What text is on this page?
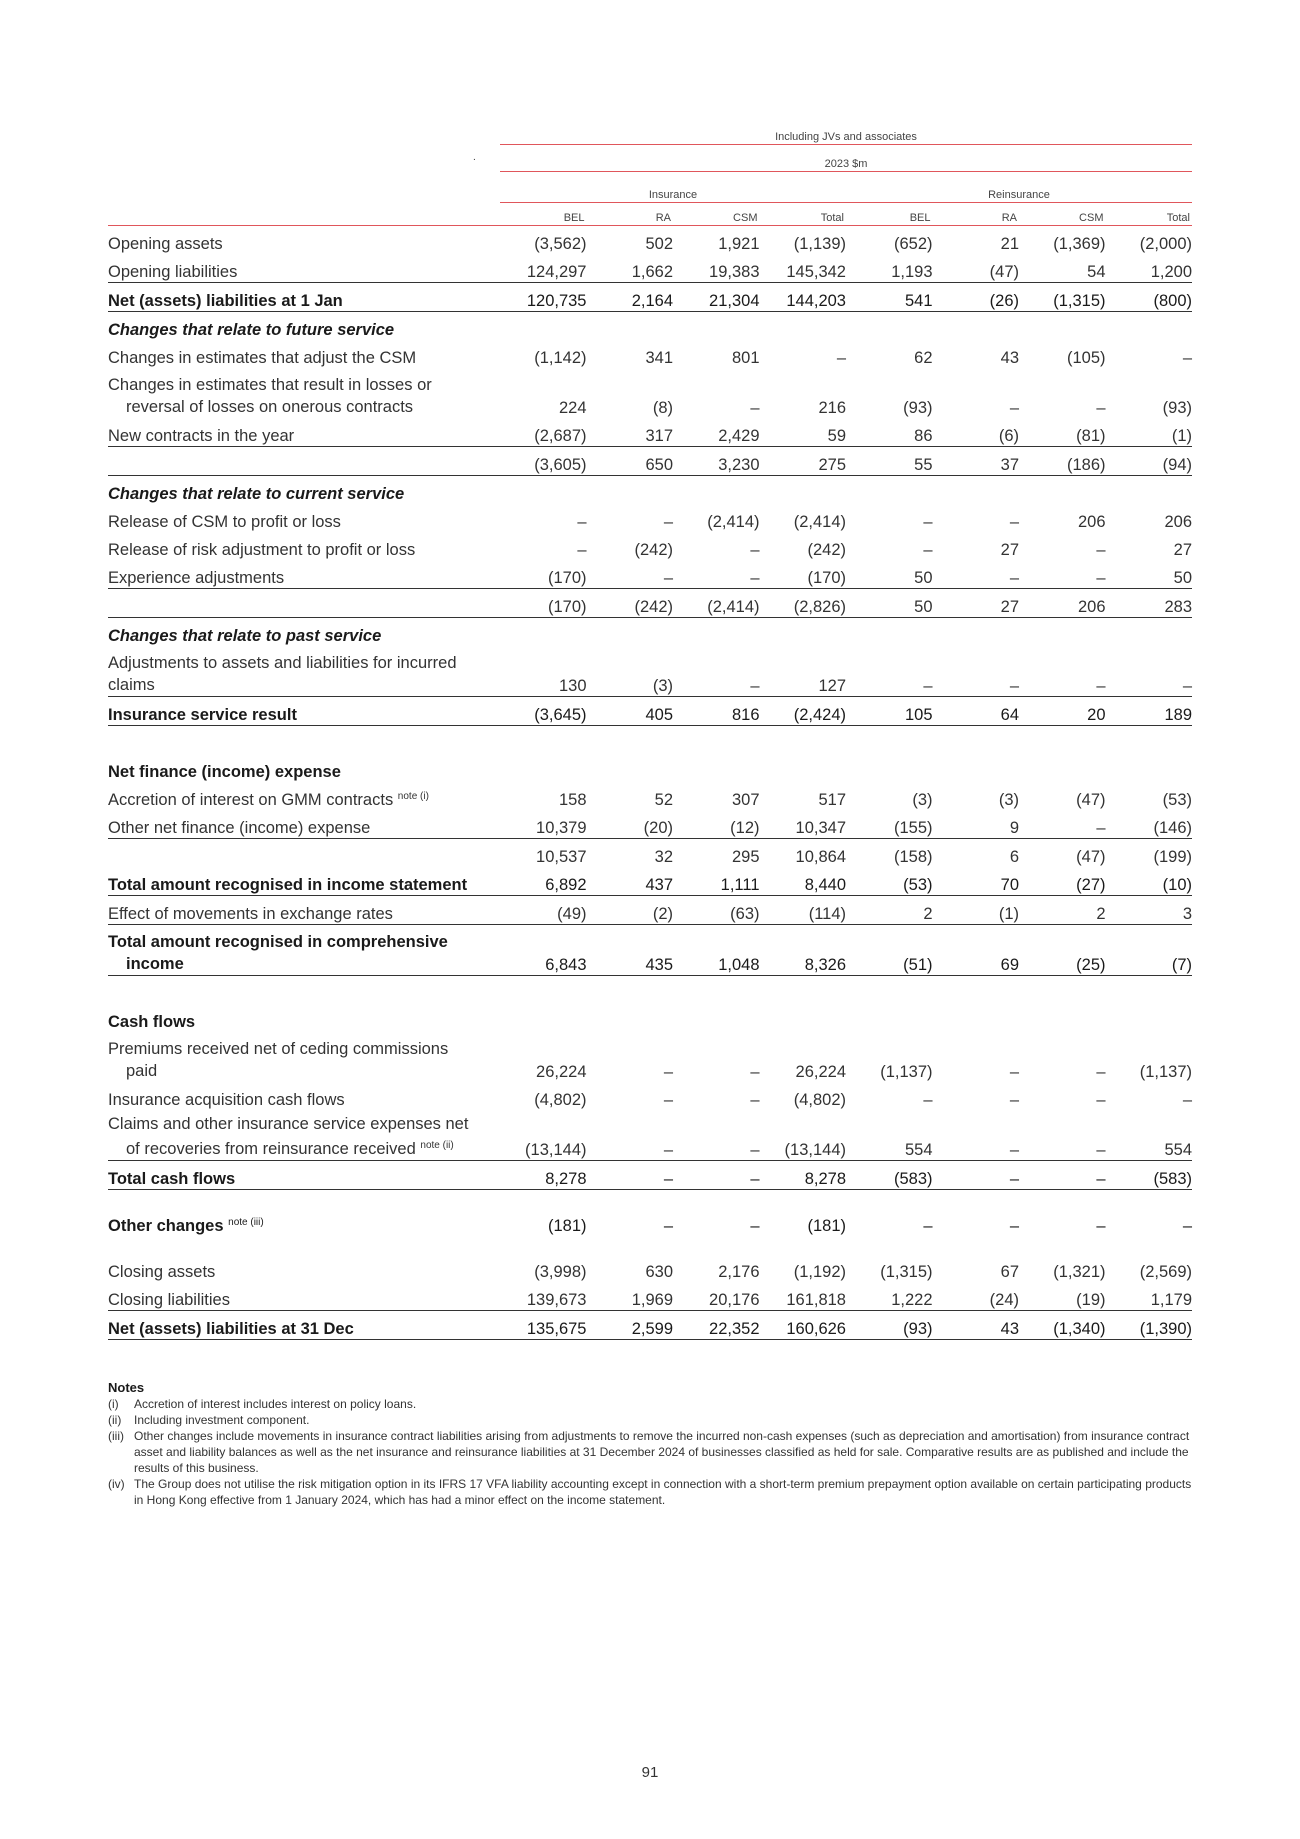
.
	Including JVs and associates							
	2023 $m							
	Insurance				Reinsurance			
	BEL	RA	CSM	Total	BEL	RA	CSM	Total
Opening assets	(3,562)	502	1,921	(1,139)	(652)	21	(1,369)	(2,000)
Opening liabilities	124,297	1,662	19,383	145,342	1,193	(47)	54	1,200
Net (assets) liabilities at 1 Jan	120,735	2,164	21,304	144,203	541	(26)	(1,315)	(800)
Changes that relate to future service								
Changes in estimates that adjust the CSM	(1,142)	341	801	–	62	43	(105)	–

Changes in estimates that result in losses or
reversal of losses on onerous contracts	224	(8)	–	216	(93)	–	–	(93)
New contracts in the year	(2,687)	317	2,429	59	86	(6)	(81)	(1)
	(3,605)	650	3,230	275	55	37	(186)	(94)
Changes that relate to current service								
Release of CSM to profit or loss	–	–	(2,414)	(2,414)	–	–	206	206
Release of risk adjustment to profit or loss	–	(242)	–	(242)	–	27	–	27
Experience adjustments	(170)	–	–	(170)	50	–	–	50
	(170)	(242)	(2,414)	(2,826)	50	27	206	283
Changes that relate to past service								

Adjustments to assets and liabilities for incurred
claims	130	(3)	–	127	–	–	–	–
Insurance service result	(3,645)	405	816	(2,424)	105	64	20	189

Net finance (income) expense								
Accretion of interest on GMM contracts $^{note (i)}$	158	52	307	517	(3)	(3)	(47)	(53)
Other net finance (income) expense	10,379	(20)	(12)	10,347	(155)	9	–	(146)
	10,537	32	295	10,864	(158)	6	(47)	(199)
Total amount recognised in income statement	6,892	437	1,111	8,440	(53)	70	(27)	(10)
Effect of movements in exchange rates	(49)	(2)	(63)	(114)	2	(1)	2	3

Total amount recognised in comprehensive
income	6,843	435	1,048	8,326	(51)	69	(25)	(7)

Cash flows								

Premiums received net of ceding commissions
paid	26,224	–	–	26,224	(1,137)	–	–	(1,137)
Insurance acquisition cash flows	(4,802)	–	–	(4,802)	–	–	–	–

Claims and other insurance service expenses net
of recoveries from reinsurance received $^{note (ii)}$	(13,144)	–	–	(13,144)	554	–	–	554
Total cash flows	8,278	–	–	8,278	(583)	–	–	(583)

Other changes $^{note (iii)}$	(181)	–	–	(181)	–	–	–	–

Closing assets	(3,998)	630	2,176	(1,192)	(1,315)	67	(1,321)	(2,569)
Closing liabilities	139,673	1,969	20,176	161,818	1,222	(24)	(19)	1,179
Net (assets) liabilities at 31 Dec	135,675	2,599	22,352	160,626	(93)	43	(1,340)	(1,390)
Notes
(i)	Accretion of interest includes interest on policy loans.
(ii)	Including investment component.
(iii) Other changes include movements in insurance contract liabilities arising from adjustments to remove the incurred non-cash expenses (such as depreciation and amortisation) from insurance contract asset and liability balances as well as the net insurance and reinsurance liabilities at 31 December 2024 of businesses classified as held for sale. Comparative results are as published and include the results of this business.
(iv) The Group does not utilise the risk mitigation option in its IFRS 17 VFA liability accounting except in connection with a short-term premium prepayment option available on certain participating products in Hong Kong effective from 1 January 2024, which has had a minor effect on the income statement.
91
